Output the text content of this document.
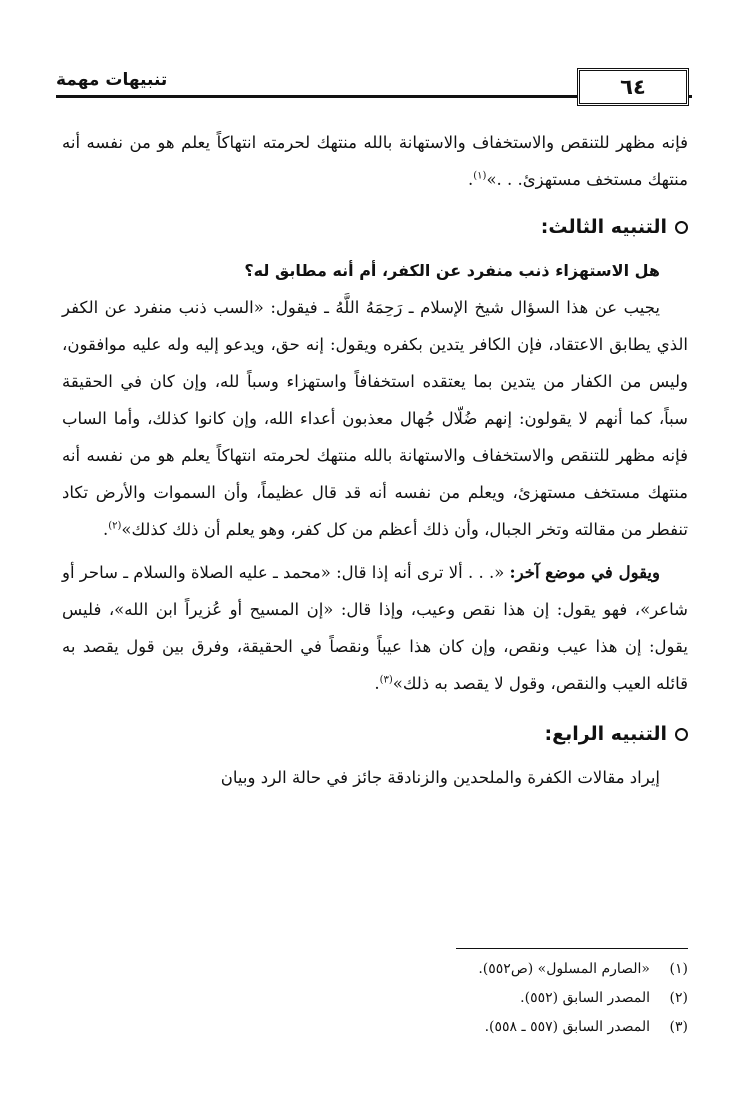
تنبيهات مهمة	٦٤

فإنه مظهر للتنقص والاستخفاف والاستهانة بالله منتهك لحرمته انتهاكاً يعلم هو من نفسه أنه منتهك مستخف مستهزئ. . .»$^{(١)}$.

التنبيه الثالث:

هل الاستهزاء ذنب منفرد عن الكفر، أم أنه مطابق له؟

يجيب عن هذا السؤال شيخ الإسلام ـ رَحِمَهُ اللَّهُ ـ فيقول: «السب ذنب منفرد عن الكفر الذي يطابق الاعتقاد، فإن الكافر يتدين بكفره ويقول: إنه حق، ويدعو إليه وله عليه موافقون، وليس من الكفار من يتدين بما يعتقده استخفافاً واستهزاء وسباً لله، وإن كان في الحقيقة سباً، كما أنهم لا يقولون: إنهم ضُلّال جُهال معذبون أعداء الله، وإن كانوا كذلك، وأما الساب فإنه مظهر للتنقص والاستخفاف والاستهانة بالله منتهك لحرمته انتهاكاً يعلم هو من نفسه أنه منتهك مستخف مستهزئ، ويعلم من نفسه أنه قد قال عظيماً، وأن السموات والأرض تكاد تنفطر من مقالته وتخر الجبال، وأن ذلك أعظم من كل كفر، وهو يعلم أن ذلك كذلك»$^{(٢)}$.

ويقول في موضع آخر: «. . . ألا ترى أنه إذا قال: «محمد ـ عليه الصلاة والسلام ـ ساحر أو شاعر»، فهو يقول: إن هذا نقص وعيب، وإذا قال: «إن المسيح أو عُزيراً ابن الله»، فليس يقول: إن هذا عيب ونقص، وإن كان هذا عيباً ونقصاً في الحقيقة، وفرق بين قول يقصد به قائله العيب والنقص، وقول لا يقصد به ذلك»$^{(٣)}$.

التنبيه الرابع:

إيراد مقالات الكفرة والملحدين والزنادقة جائز في حالة الرد وبيان

(١)«الصارم المسلول» (ص٥٥٢).
(٢)المصدر السابق (٥٥٢).
(٣)المصدر السابق (٥٥٧ ـ ٥٥٨).
